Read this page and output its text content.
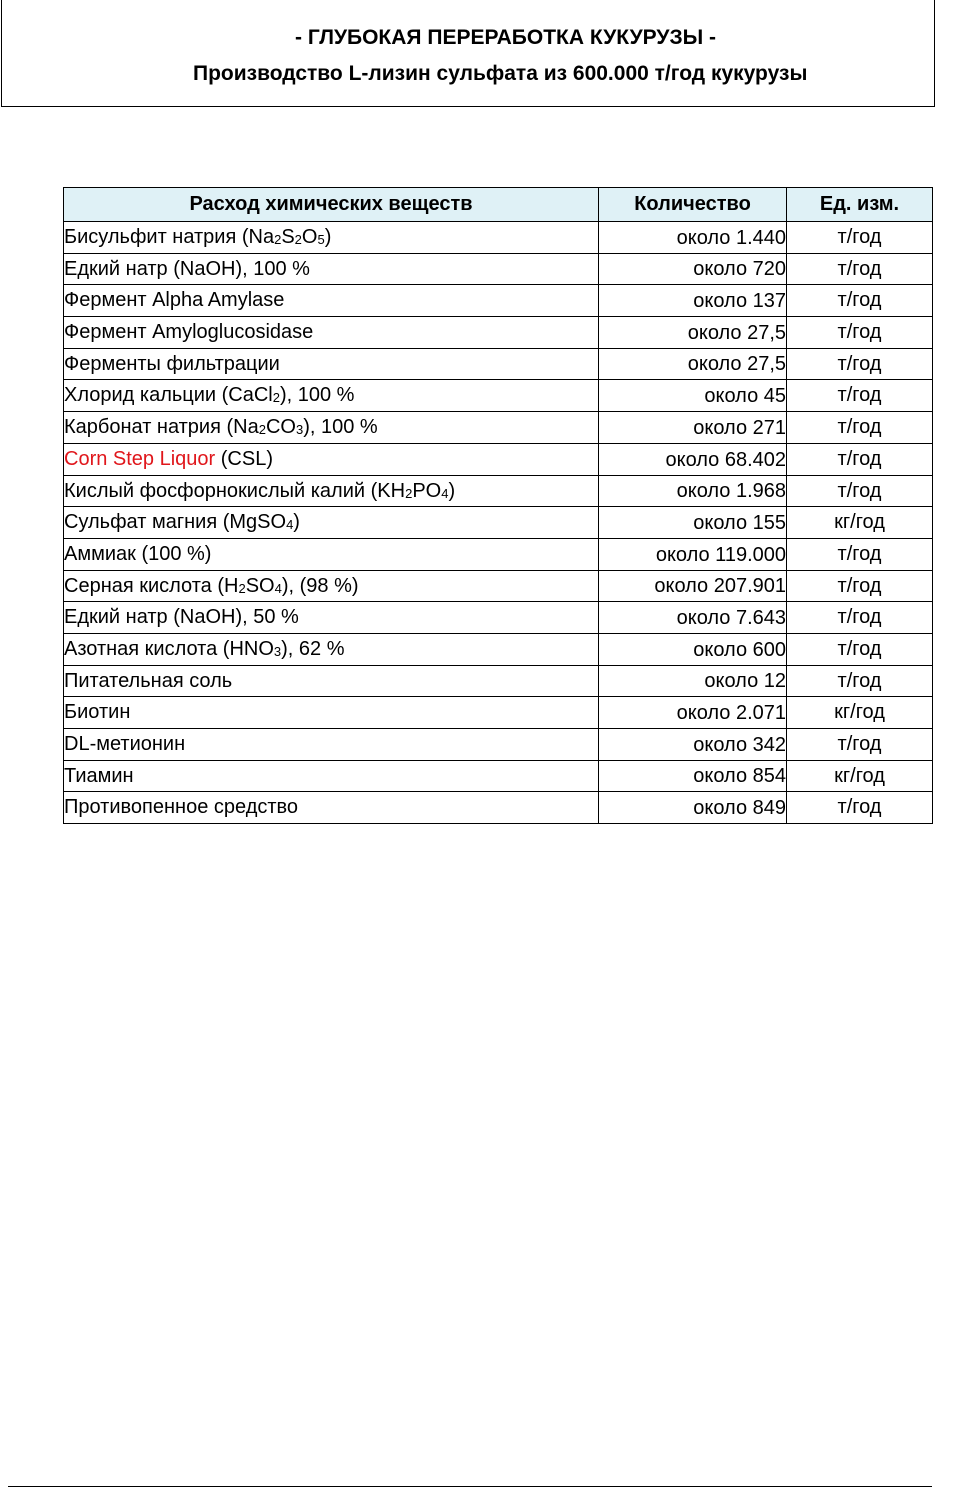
- ГЛУБОКАЯ ПЕРЕРАБОТКА КУКУРУЗЫ -
Производство L-лизин сульфата из 600.000 т/год кукурузы
Расход химических веществ	Количество	Ед. изм.
Бисульфит натрия $(Na_2S_2O_5)$	около 1.440	т/год
Едкий натр (NaOH), 100 %	около 720	т/год
Фермент Alpha Amylase	около 137	т/год
Фермент Amyloglucosidase	около 27,5	т/год
Ферменты фильтрации	около 27,5	т/год
Хлорид кальции (CaCl$_2$), 100 %	около 45	т/год
Карбонат натрия $(Na_2CO_3)$, 100 %	около 271	т/год
Corn Step Liquor (CSL)	около 68.402	т/год
Кислый фосфорнокислый калий $(KH_2PO_4)$	около 1.968	т/год
Сульфат магния (MgSO$_4$)	около 155	кг/год
Аммиак (100 %)	около 119.000	т/год
Серная кислота $(H_2SO_4)$, (98 %)	около 207.901	т/год
Едкий натр (NaOH), 50 %	около 7.643	т/год
Азотная кислота $(HNO_3)$, 62 %	около 600	т/год
Питательная соль	около 12	т/год
Биотин	около 2.071	кг/год
DL-метионин	около 342	т/год
Тиамин	около 854	кг/год
Противопенное средство	около 849	т/год
